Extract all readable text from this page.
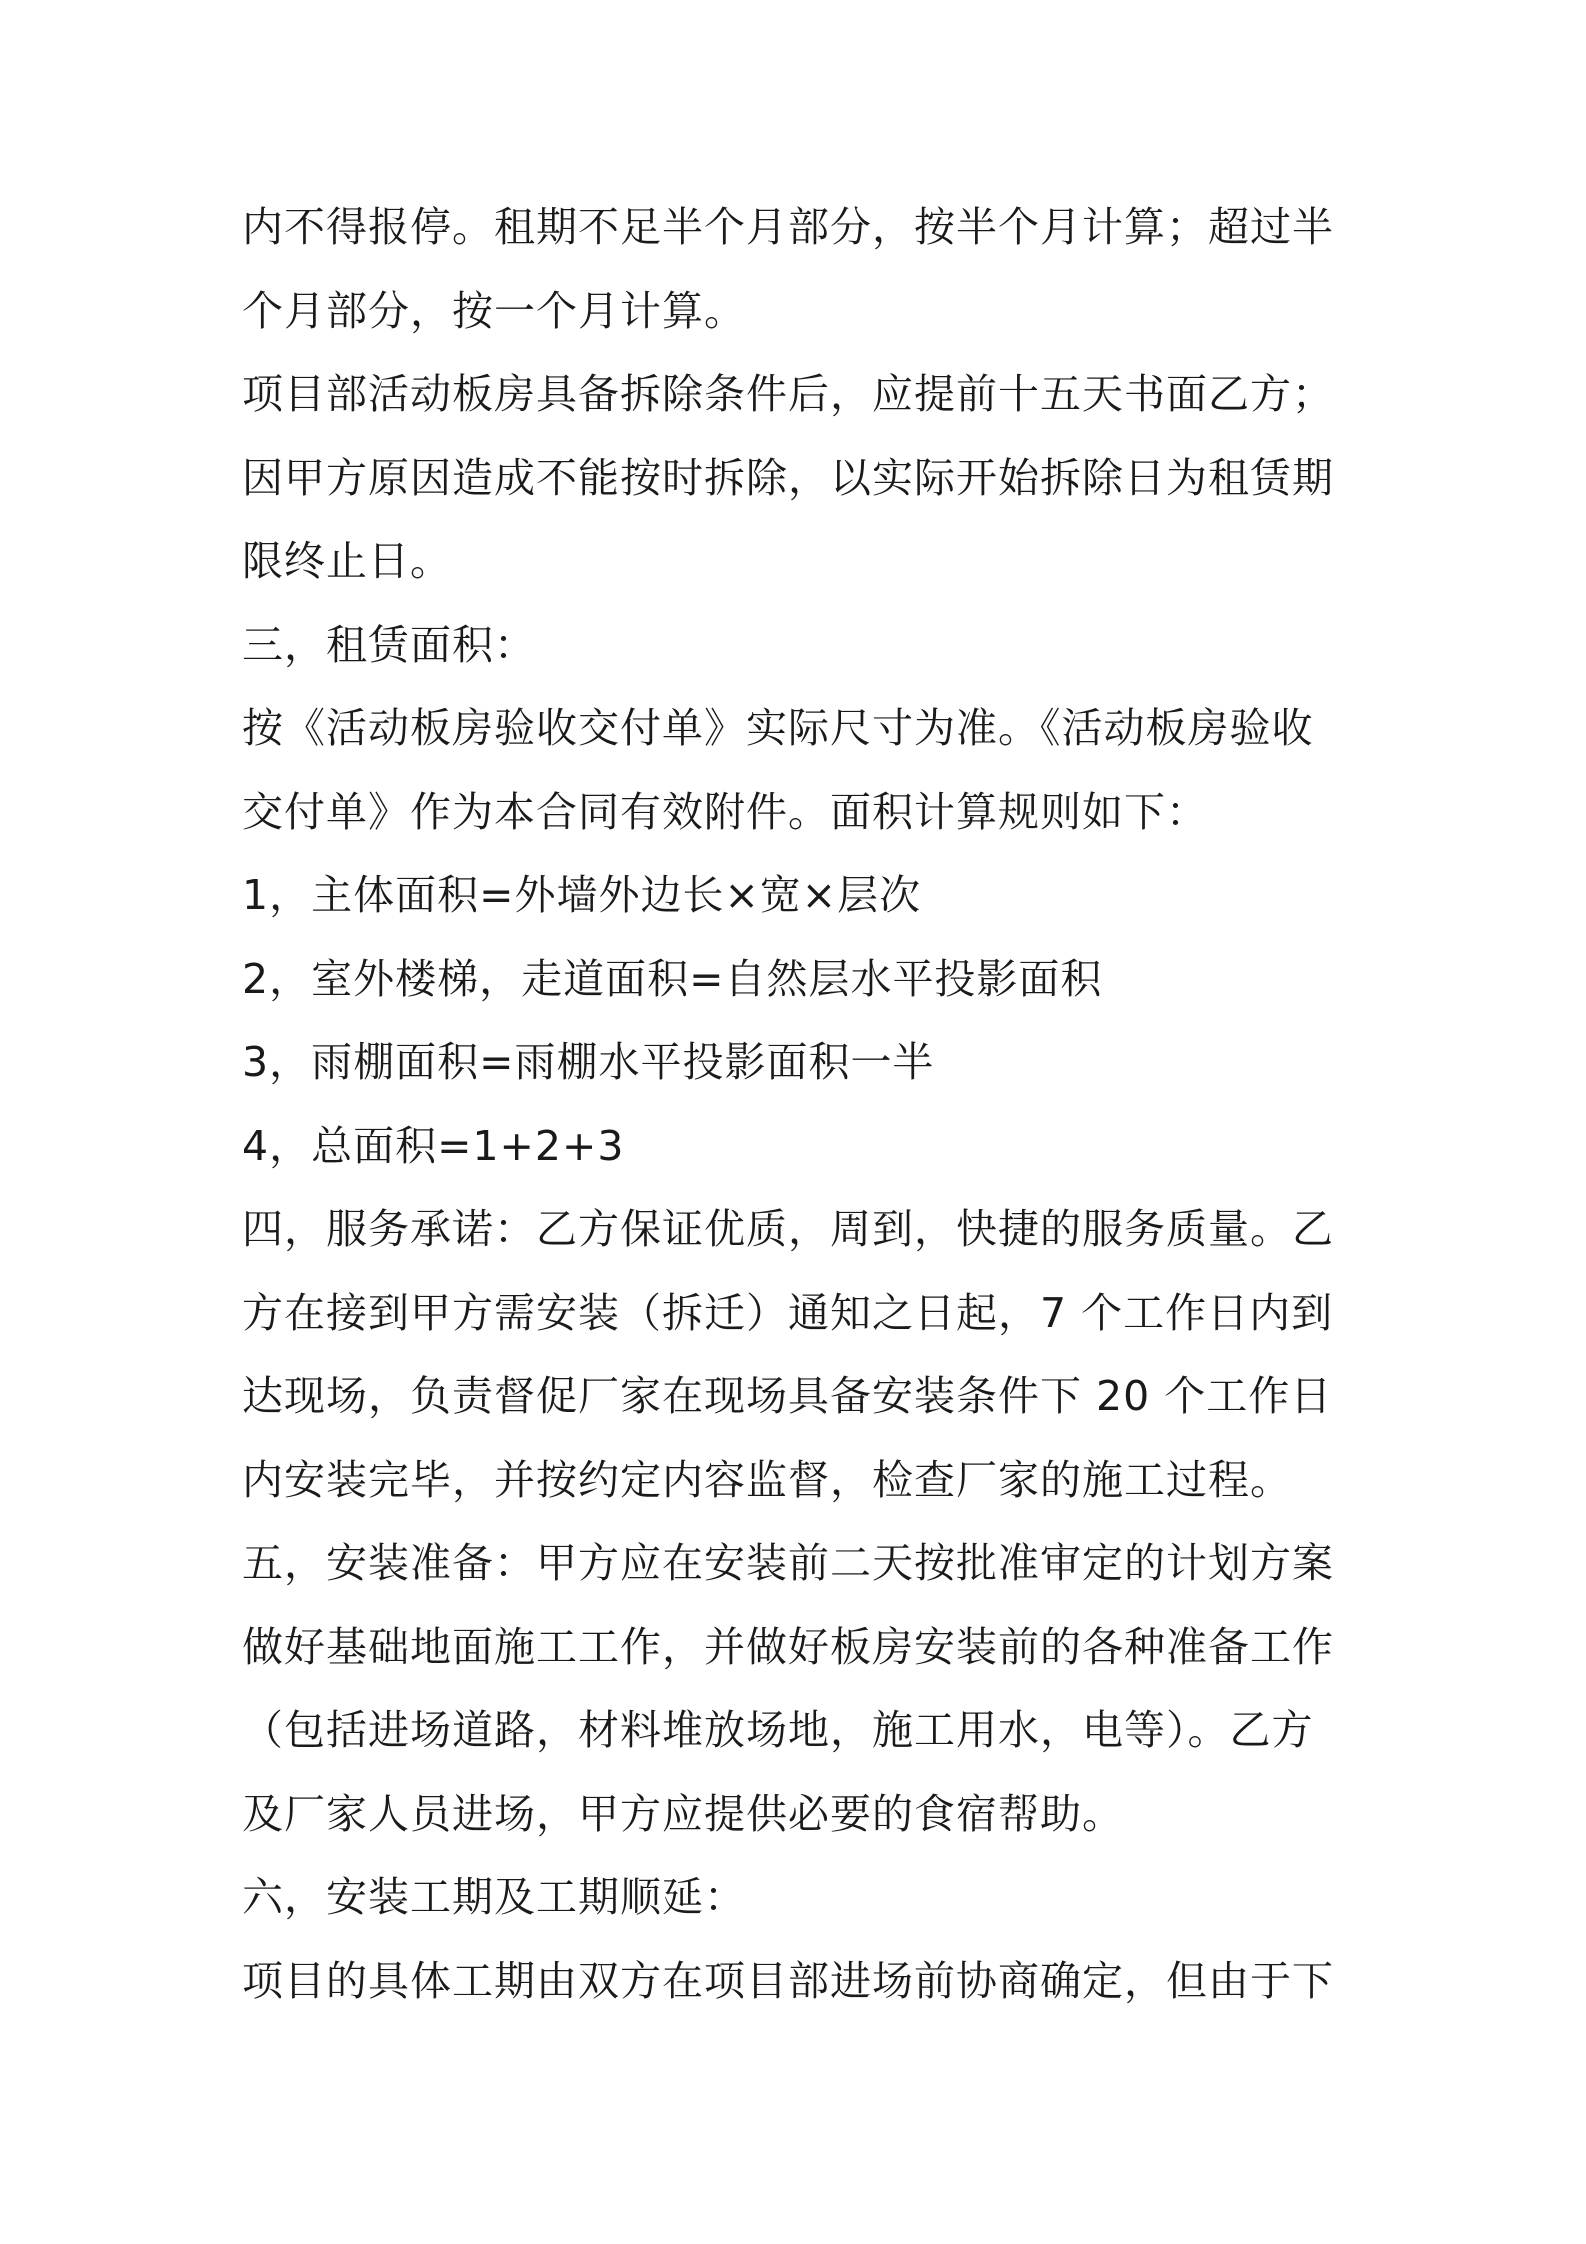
内不得报停。租期不足半个月部分，按半个月计算；超过半
个月部分，按一个月计算。
项目部活动板房具备拆除条件后，应提前十五天书面乙方；
因甲方原因造成不能按时拆除，以实际开始拆除日为租赁期
限终止日。
三，租赁面积：
按《活动板房验收交付单》实际尺寸为准。《活动板房验收
交付单》作为本合同有效附件。面积计算规则如下：
1，主体面积=外墙外边长×宽×层次
2，室外楼梯，走道面积=自然层水平投影面积
3，雨棚面积=雨棚水平投影面积一半
4，总面积=1+2+3
四，服务承诺：乙方保证优质，周到，快捷的服务质量。乙
方在接到甲方需安装（拆迁）通知之日起，7 个工作日内到
达现场，负责督促厂家在现场具备安装条件下 20 个工作日
内安装完毕，并按约定内容监督，检查厂家的施工过程。
五，安装准备：甲方应在安装前二天按批准审定的计划方案
做好基础地面施工工作，并做好板房安装前的各种准备工作
（包括进场道路，材料堆放场地，施工用水，电等）。乙方
及厂家人员进场，甲方应提供必要的食宿帮助。
六，安装工期及工期顺延：
项目的具体工期由双方在项目部进场前协商确定，但由于下
